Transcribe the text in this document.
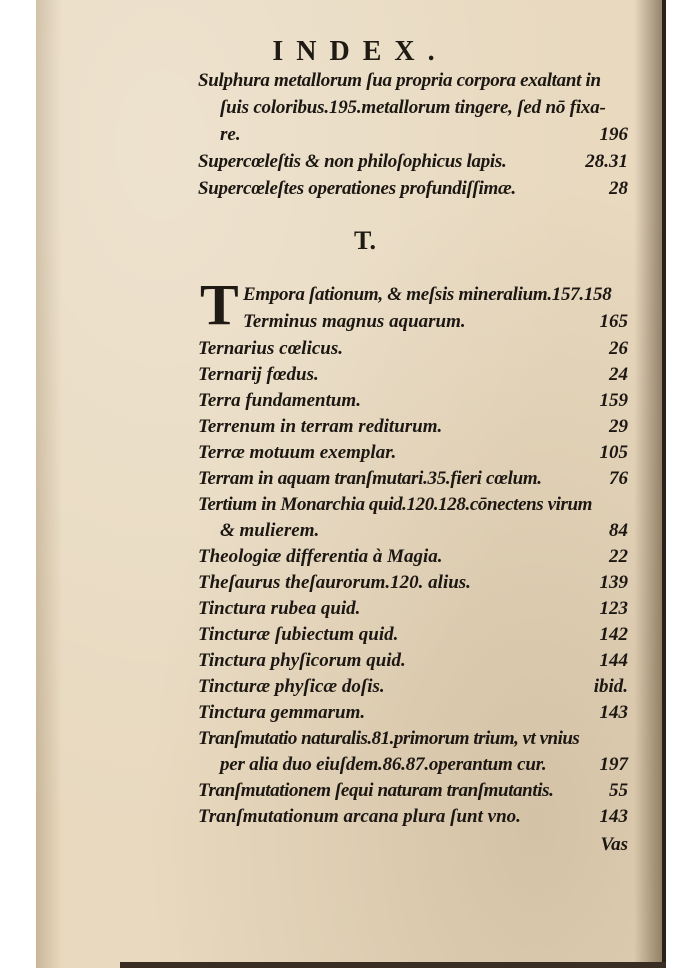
INDEX.
Sulphura metallorum ſua propria corpora exaltant in
ſuis coloribus.195.metallorum tingere, ſed nō fixa-
re.	196
Supercœleſtis & non philoſophicus lapis.	28.31
Supercœleſtes operationes profundiſſimæ.	28
T.
T Empora ſationum, & meſsis mineralium.157.158
Terminus magnus aquarum.	165
Ternarius cœlicus.	26
Ternarij fœdus.	24
Terra fundamentum.	159
Terrenum in terram rediturum.	29
Terræ motuum exemplar.	105
Terram in aquam tranſmutari.35.fieri cœlum.	76
Tertium in Monarchia quid.120.128.cōnectens virum
& mulierem.	84
Theologiæ differentia à Magia.	22
Theſaurus theſaurorum.120. alius.	139
Tinctura rubea quid.	123
Tincturæ ſubiectum quid.	142
Tinctura phyſicorum quid.	144
Tincturæ phyſicæ doſis.	ibid.
Tinctura gemmarum.	143
Tranſmutatio naturalis.81.primorum trium, vt vnius
per alia duo eiuſdem.86.87.operantum cur.	197
Tranſmutationem ſequi naturam tranſmutantis.	55
Tranſmutationum arcana plura ſunt vno.	143
Vas
